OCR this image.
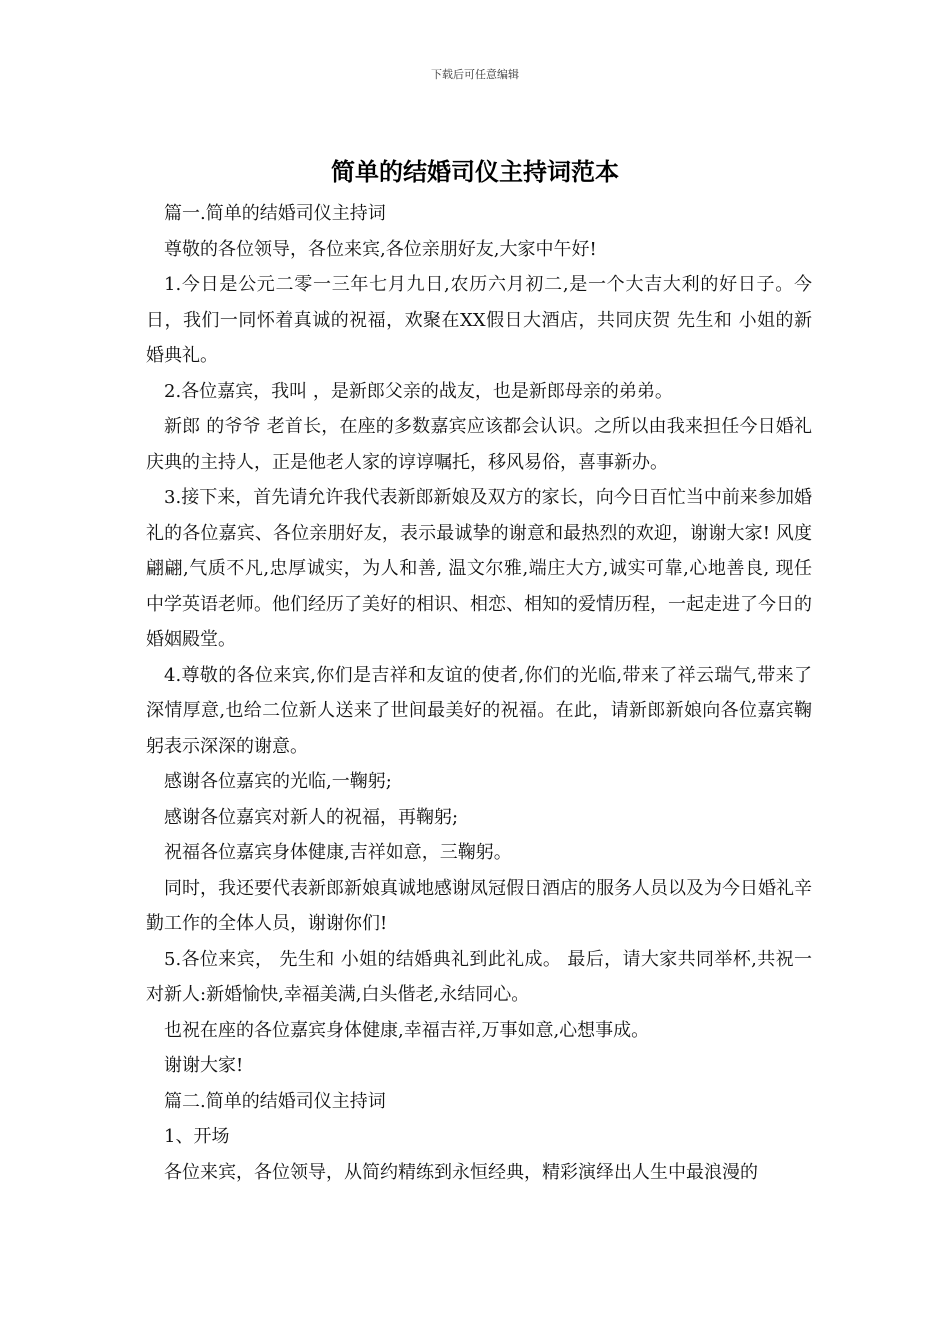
下载后可任意编辑
简单的结婚司仪主持词范本

篇一.简单的结婚司仪主持词

尊敬的各位领导，各位来宾,各位亲朋好友,大家中午好!

1.今日是公元二零一三年七月九日,农历六月初二,是一个大吉大利的好日子。今日，我们一同怀着真诚的祝福，欢聚在XX假日大酒店，共同庆贺 先生和 小姐的新婚典礼。

2.各位嘉宾，我叫 ，是新郎父亲的战友，也是新郎母亲的弟弟。

新郎 的爷爷 老首长，在座的多数嘉宾应该都会认识。之所以由我来担任今日婚礼庆典的主持人，正是他老人家的谆谆嘱托，移风易俗，喜事新办。

3.接下来，首先请允许我代表新郎新娘及双方的家长，向今日百忙当中前来参加婚礼的各位嘉宾、各位亲朋好友，表示最诚挚的谢意和最热烈的欢迎，谢谢大家! 风度翩翩,气质不凡,忠厚诚实，为人和善, 温文尔雅,端庄大方,诚实可靠,心地善良, 现任 中学英语老师。他们经历了美好的相识、相恋、相知的爱情历程，一起走进了今日的婚姻殿堂。

4.尊敬的各位来宾,你们是吉祥和友谊的使者,你们的光临,带来了祥云瑞气,带来了深情厚意,也给二位新人送来了世间最美好的祝福。在此，请新郎新娘向各位嘉宾鞠躬表示深深的谢意。

感谢各位嘉宾的光临,一鞠躬;

感谢各位嘉宾对新人的祝福，再鞠躬;

祝福各位嘉宾身体健康,吉祥如意，三鞠躬。

同时，我还要代表新郎新娘真诚地感谢凤冠假日酒店的服务人员以及为今日婚礼辛勤工作的全体人员，谢谢你们!

5.各位来宾， 先生和 小姐的结婚典礼到此礼成。 最后，请大家共同举杯,共祝一对新人:新婚愉快,幸福美满,白头偕老,永结同心。

也祝在座的各位嘉宾身体健康,幸福吉祥,万事如意,心想事成。

谢谢大家!

篇二.简单的结婚司仪主持词

1、开场

各位来宾，各位领导，从简约精练到永恒经典，精彩演绎出人生中最浪漫的
